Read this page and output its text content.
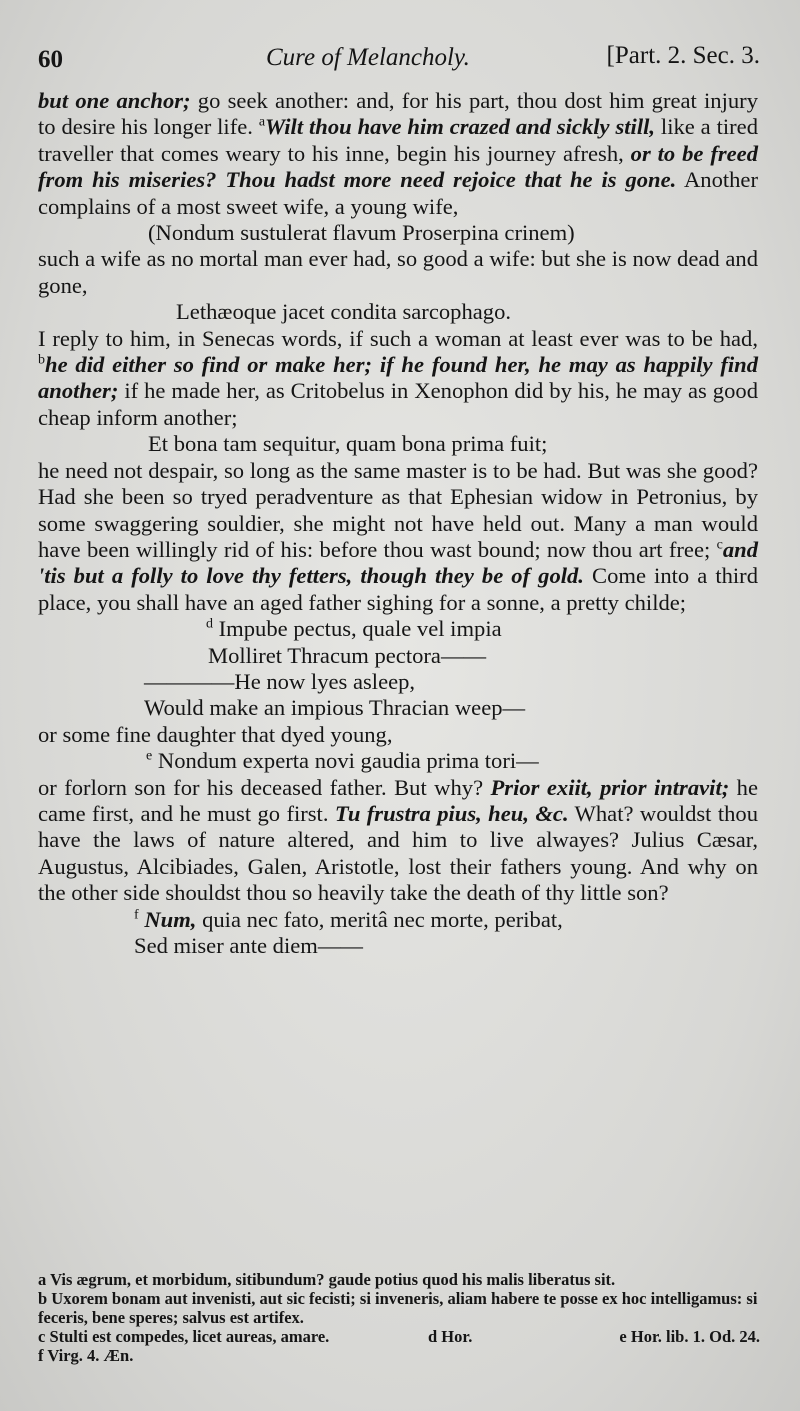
60	Cure of Melancholy.	[Part. 2. Sec. 3.

but one anchor; go seek another: and, for his part, thou dost him great injury to desire his longer life. $^a$Wilt thou have him crazed and sickly still, like a tired traveller that comes weary to his inne, begin his journey afresh, or to be freed from his miseries? Thou hadst more need rejoice that he is gone. Another complains of a most sweet wife, a young wife,

(Nondum sustulerat flavum Proserpina crinem)

such a wife as no mortal man ever had, so good a wife: but she is now dead and gone,

Lethæoque jacet condita sarcophago.

I reply to him, in Senecas words, if such a woman at least ever was to be had, $^b$he did either so find or make her; if he found her, he may as happily find another; if he made her, as Critobelus in Xenophon did by his, he may as good cheap inform another;

Et bona tam sequitur, quam bona prima fuit;

he need not despair, so long as the same master is to be had. But was she good? Had she been so tryed peradventure as that Ephesian widow in Petronius, by some swaggering souldier, she might not have held out. Many a man would have been willingly rid of his: before thou wast bound; now thou art free; $^c$and 'tis but a folly to love thy fetters, though they be of gold. Come into a third place, you shall have an aged father sighing for a sonne, a pretty childe;

$^d$ Impube pectus, quale vel impia

Molliret Thracum pectora——

————He now lyes asleep,

Would make an impious Thracian weep—

or some fine daughter that dyed young,

$^e$ Nondum experta novi gaudia prima tori—

or forlorn son for his deceased father. But why? Prior exiit, prior intravit; he came first, and he must go first. Tu frustra pius, heu, &c. What? wouldst thou have the laws of nature altered, and him to live alwayes? Julius Cæsar, Augustus, Alcibiades, Galen, Aristotle, lost their fathers young. And why on the other side shouldst thou so heavily take the death of thy little son?

$^f$ Num, quia nec fato, meritâ nec morte, peribat,

Sed miser ante diem——

a Vis ægrum, et morbidum, sitibundum? gaude potius quod his malis liberatus sit.

b Uxorem bonam aut invenisti, aut sic fecisti; si inveneris, aliam habere te posse ex hoc intelligamus: si feceris, bene speres; salvus est artifex.

c Stulti est compedes, licet aureas, amare.	d Hor.	e Hor. lib. 1. Od. 24.

f Virg. 4. Æn.
